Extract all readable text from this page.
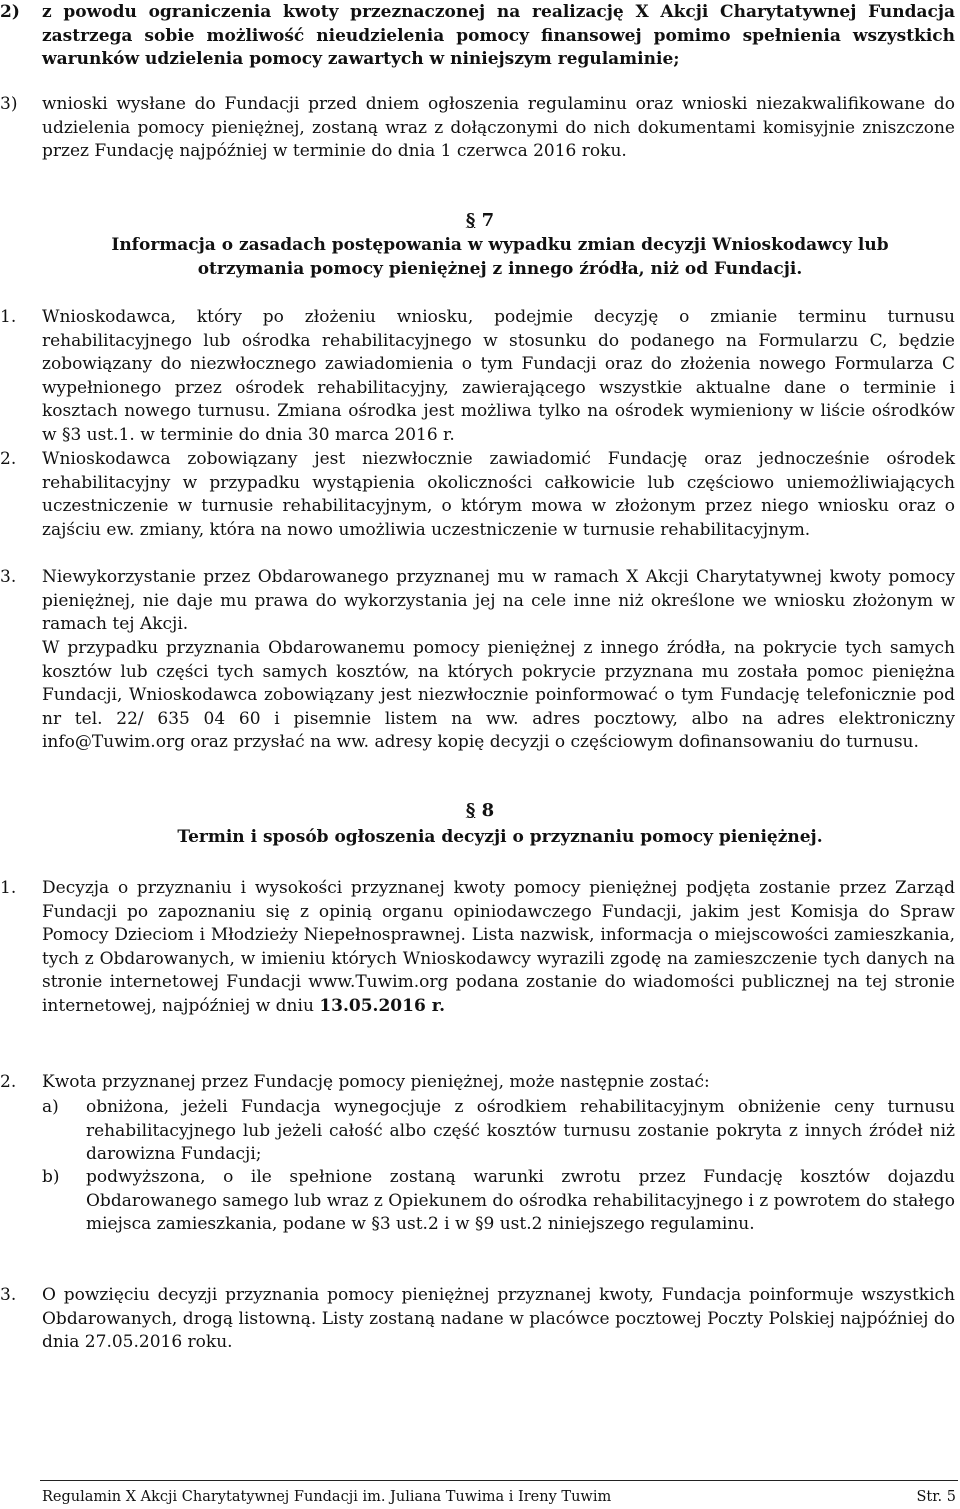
2) z powodu ograniczenia kwoty przeznaczonej na realizację X Akcji Charytatywnej Fundacja zastrzega sobie możliwość nieudzielenia pomocy finansowej pomimo spełnienia wszystkich warunków udzielenia pomocy zawartych w niniejszym regulaminie;
3) wnioski wysłane do Fundacji przed dniem ogłoszenia regulaminu oraz wnioski niezakwalifikowane do udzielenia pomocy pieniężnej, zostaną wraz z dołączonymi do nich dokumentami komisyjnie zniszczone przez Fundację najpóźniej w terminie do dnia 1 czerwca 2016 roku.
§ 7

Informacja o zasadach postępowania w wypadku zmian decyzji Wnioskodawcy lub otrzymania pomocy pieniężnej z innego źródła, niż od Fundacji.

1. Wnioskodawca, który po złożeniu wniosku, podejmie decyzję o zmianie terminu turnusu rehabilitacyjnego lub ośrodka rehabilitacyjnego w stosunku do podanego na Formularzu C, będzie zobowiązany do niezwłocznego zawiadomienia o tym Fundacji oraz do złożenia nowego Formularza C wypełnionego przez ośrodek rehabilitacyjny, zawierającego wszystkie aktualne dane o terminie i kosztach nowego turnusu. Zmiana ośrodka jest możliwa tylko na ośrodek wymieniony w liście ośrodków w §3 ust.1. w terminie do dnia 30 marca 2016 r.
2. Wnioskodawca zobowiązany jest niezwłocznie zawiadomić Fundację oraz jednocześnie ośrodek rehabilitacyjny w przypadku wystąpienia okoliczności całkowicie lub częściowo uniemożliwiających uczestniczenie w turnusie rehabilitacyjnym, o którym mowa w złożonym przez niego wniosku oraz o zajściu ew. zmiany, która na nowo umożliwia uczestniczenie w turnusie rehabilitacyjnym.
3. Niewykorzystanie przez Obdarowanego przyznanej mu w ramach X Akcji Charytatywnej kwoty pomocy pieniężnej, nie daje mu prawa do wykorzystania jej na cele inne niż określone we wniosku złożonym w ramach tej Akcji.

W przypadku przyznania Obdarowanemu pomocy pieniężnej z innego źródła, na pokrycie tych samych kosztów lub części tych samych kosztów, na których pokrycie przyznana mu została pomoc pieniężna Fundacji, Wnioskodawca zobowiązany jest niezwłocznie poinformować o tym Fundację telefonicznie pod nr tel. 22/ 635 04 60 i pisemnie listem na ww. adres pocztowy, albo na adres elektroniczny info@Tuwim.org oraz przysłać na ww. adresy kopię decyzji o częściowym dofinansowaniu do turnusu.

§ 8

Termin i sposób ogłoszenia decyzji o przyznaniu pomocy pieniężnej.

1. Decyzja o przyznaniu i wysokości przyznanej kwoty pomocy pieniężnej podjęta zostanie przez Zarząd Fundacji po zapoznaniu się z opinią organu opiniodawczego Fundacji, jakim jest Komisja do Spraw Pomocy Dzieciom i Młodzieży Niepełnosprawnej. Lista nazwisk, informacja o miejscowości zamieszkania, tych z Obdarowanych, w imieniu których Wnioskodawcy wyrazili zgodę na zamieszczenie tych danych na stronie internetowej Fundacji www.Tuwim.org podana zostanie do wiadomości publicznej na tej stronie internetowej, najpóźniej w dniu 13.05.2016 r.
2. Kwota przyznanej przez Fundację pomocy pieniężnej, może następnie zostać:
a) obniżona, jeżeli Fundacja wynegocjuje z ośrodkiem rehabilitacyjnym obniżenie ceny turnusu rehabilitacyjnego lub jeżeli całość albo część kosztów turnusu zostanie pokryta z innych źródeł niż darowizna Fundacji;
b) podwyższona, o ile spełnione zostaną warunki zwrotu przez Fundację kosztów dojazdu Obdarowanego samego lub wraz z Opiekunem do ośrodka rehabilitacyjnego i z powrotem do stałego miejsca zamieszkania, podane w §3 ust.2 i w §9 ust.2 niniejszego regulaminu.
3. O powzięciu decyzji przyznania pomocy pieniężnej przyznanej kwoty, Fundacja poinformuje wszystkich Obdarowanych, drogą listowną. Listy zostaną nadane w placówce pocztowej Poczty Polskiej najpóźniej do dnia 27.05.2016 roku.
Regulamin X Akcji Charytatywnej Fundacji im. Juliana Tuwima i Ireny Tuwim	Str. 5
